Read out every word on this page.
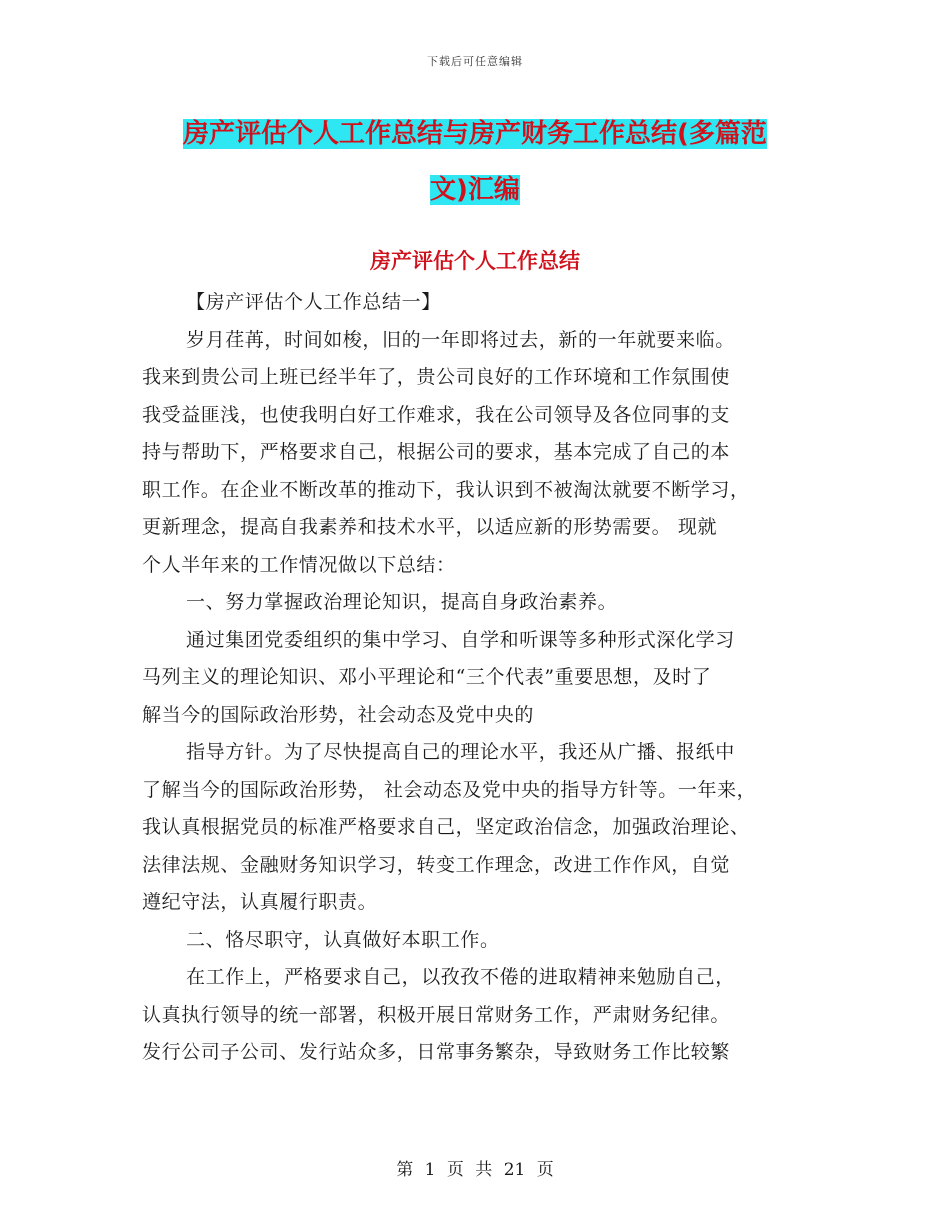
下载后可任意编辑
房产评估个人工作总结与房产财务工作总结(多篇范
文)汇编
房产评估个人工作总结
【房产评估个人工作总结一】
岁月荏苒，时间如梭，旧的一年即将过去，新的一年就要来临。
我来到贵公司上班已经半年了，贵公司良好的工作环境和工作氛围使
我受益匪浅，也使我明白好工作难求，我在公司领导及各位同事的支
持与帮助下，严格要求自己，根据公司的要求，基本完成了自己的本
职工作。在企业不断改革的推动下，我认识到不被淘汰就要不断学习，
更新理念，提高自我素养和技术水平，以适应新的形势需要。 现就
个人半年来的工作情况做以下总结：
一、努力掌握政治理论知识，提高自身政治素养。
通过集团党委组织的集中学习、自学和听课等多种形式深化学习
马列主义的理论知识、邓小平理论和“三个代表”重要思想，及时了
解当今的国际政治形势，社会动态及党中央的
指导方针。为了尽快提高自己的理论水平，我还从广播、报纸中
了解当今的国际政治形势， 社会动态及党中央的指导方针等。一年来，
我认真根据党员的标准严格要求自己，坚定政治信念，加强政治理论、
法律法规、金融财务知识学习，转变工作理念，改进工作作风，自觉
遵纪守法，认真履行职责。
二、恪尽职守，认真做好本职工作。
在工作上，严格要求自己，以孜孜不倦的进取精神来勉励自己，
认真执行领导的统一部署，积极开展日常财务工作，严肃财务纪律。
发行公司子公司、发行站众多，日常事务繁杂，导致财务工作比较繁
第 1 页 共 21 页
